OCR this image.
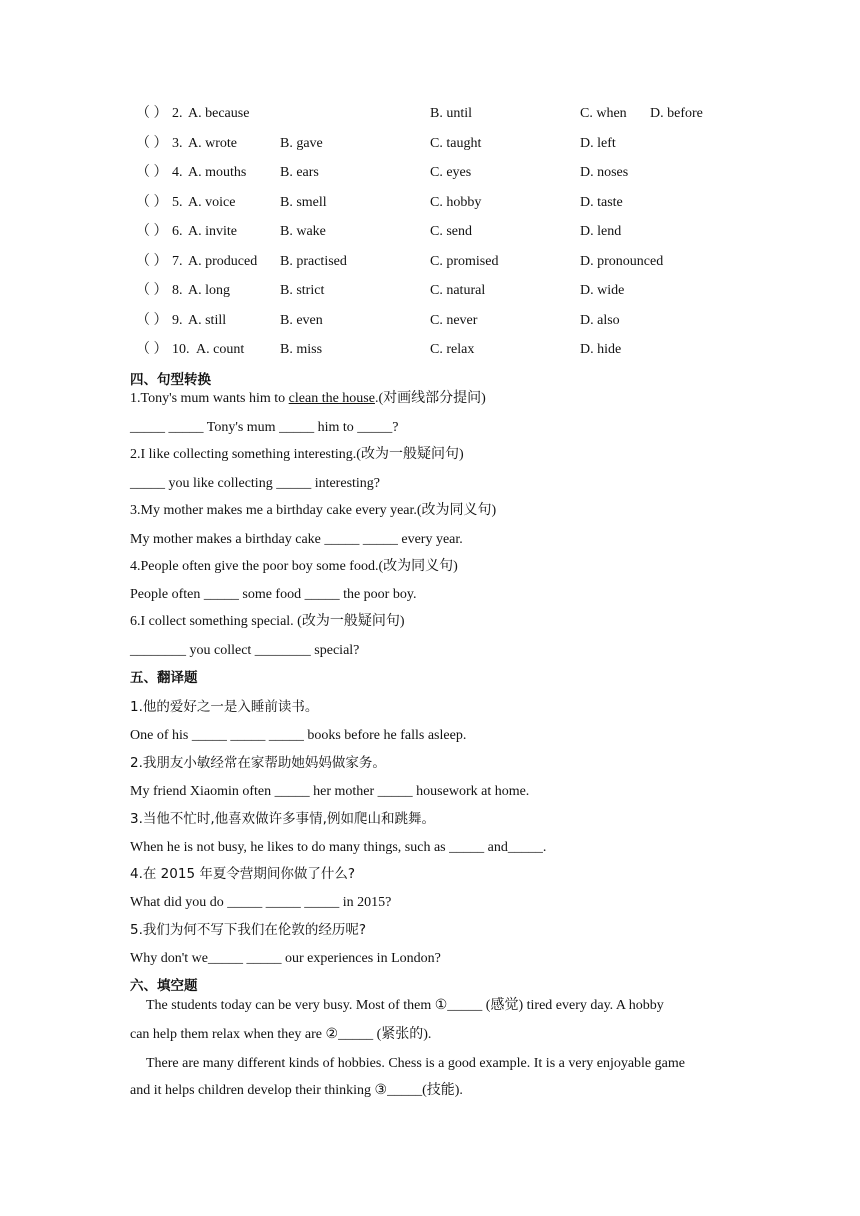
（ ） 2. A. because	B. until	C. when D. before
（ ） 3. A. wrote	B. gave	C. taught	D. left
（ ） 4. A. mouths B. ears	C. eyes	D. noses
（ ） 5. A. voice	B. smell	C. hobby	D. taste
（ ） 6. A. invite	B. wake	C. send	D. lend
（ ） 7. A. produced B. practised	C. promised	D. pronounced
（ ） 8. A. long	B. strict	C. natural	D. wide
（ ） 9. A. still	B. even	C. never	D. also
（ ） 10. A. count	B. miss	C. relax	D. hide
四、句型转换
1.Tony's mum wants him to clean the house.(对画线部分提问)
_____ _____ Tony's mum _____ him to _____?
2.I like collecting something interesting.(改为一般疑问句)
_____ you like collecting _____ interesting?
3.My mother makes me a birthday cake every year.(改为同义句)
My mother makes a birthday cake _____ _____ every year.
4.People often give the poor boy some food.(改为同义句)
People often _____ some food _____ the poor boy.
6.I collect something special. (改为一般疑问句)
________ you collect ________ special?
五、翻译题
1.他的爱好之一是入睡前读书。
One of his _____ _____ _____ books before he falls asleep.
2.我朋友小敏经常在家帮助她妈妈做家务。
My friend Xiaomin often _____ her mother _____ housework at home.
3.当他不忙时,他喜欢做许多事情,例如爬山和跳舞。
When he is not busy, he likes to do many things, such as _____ and_____.
4.在 2015 年夏令营期间你做了什么?
What did you do _____ _____ _____ in 2015?
5.我们为何不写下我们在伦敦的经历呢?
Why don't we_____ _____ our experiences in London?
六、填空题
The students today can be very busy. Most of them ①_____ (感觉) tired every day. A hobby
can help them relax when they are ②_____ (紧张的).
There are many different kinds of hobbies. Chess is a good example. It is a very enjoyable game
and it helps children develop their thinking ③_____(技能).
